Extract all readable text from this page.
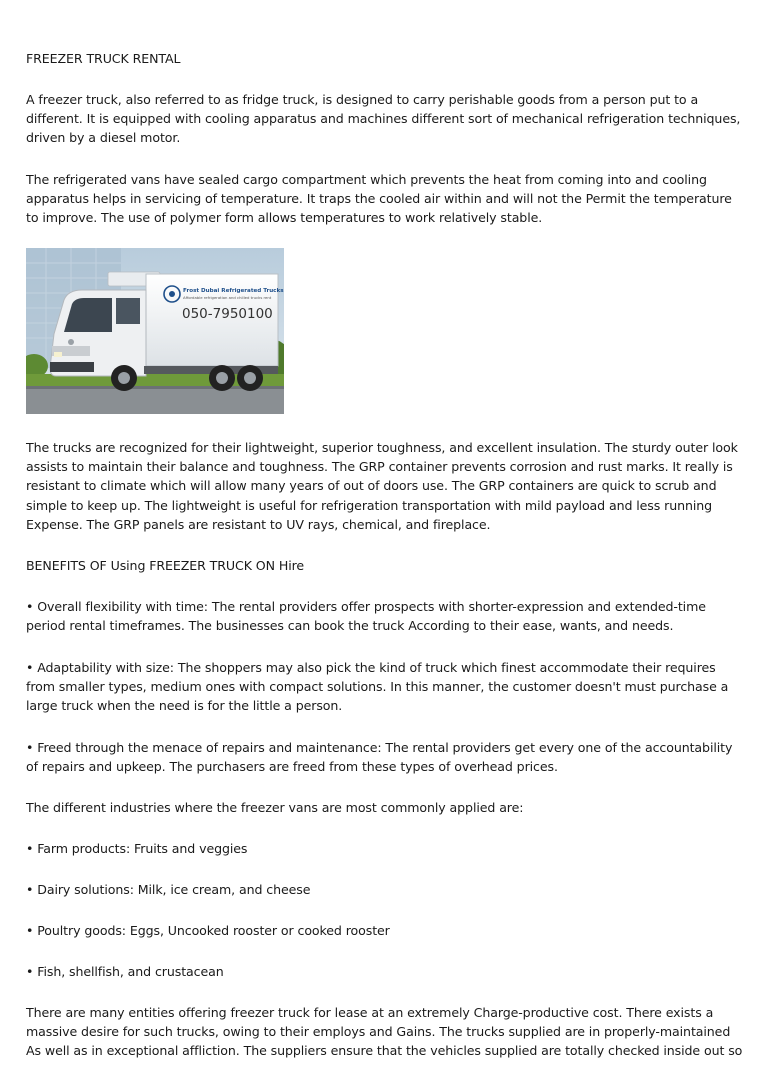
FREEZER TRUCK RENTAL

A freezer truck, also referred to as fridge truck, is designed to carry perishable goods from a person put to a different. It is equipped with cooling apparatus and machines different sort of mechanical refrigeration techniques, driven by a diesel motor.

The refrigerated vans have sealed cargo compartment which prevents the heat from coming into and cooling apparatus helps in servicing of temperature. It traps the cooled air within and will not the Permit the temperature to improve. The use of polymer form allows temperatures to work relatively stable.

Frost Dubai Refrigerated Trucks
Affordable refrigeration and chilled trucks rent
050-7950100

The trucks are recognized for their lightweight, superior toughness, and excellent insulation. The sturdy outer look assists to maintain their balance and toughness. The GRP container prevents corrosion and rust marks. It really is resistant to climate which will allow many years of out of doors use. The GRP containers are quick to scrub and simple to keep up. The lightweight is useful for refrigeration transportation with mild payload and less running Expense. The GRP panels are resistant to UV rays, chemical, and fireplace.

BENEFITS OF Using FREEZER TRUCK ON Hire

• Overall flexibility with time: The rental providers offer prospects with shorter-expression and extended-time period rental timeframes. The businesses can book the truck According to their ease, wants, and needs.

• Adaptability with size: The shoppers may also pick the kind of truck which finest accommodate their requires from smaller types, medium ones with compact solutions. In this manner, the customer doesn't must purchase a large truck when the need is for the little a person.

• Freed through the menace of repairs and maintenance: The rental providers get every one of the accountability of repairs and upkeep. The purchasers are freed from these types of overhead prices.

The different industries where the freezer vans are most commonly applied are:

• Farm products: Fruits and veggies

• Dairy solutions: Milk, ice cream, and cheese

• Poultry goods: Eggs, Uncooked rooster or cooked rooster

• Fish, shellfish, and crustacean

There are many entities offering freezer truck for lease at an extremely Charge-productive cost. There exists a massive desire for such trucks, owing to their employs and Gains. The trucks supplied are in properly-maintained As well as in exceptional affliction. The suppliers ensure that the vehicles supplied are totally checked inside out so
